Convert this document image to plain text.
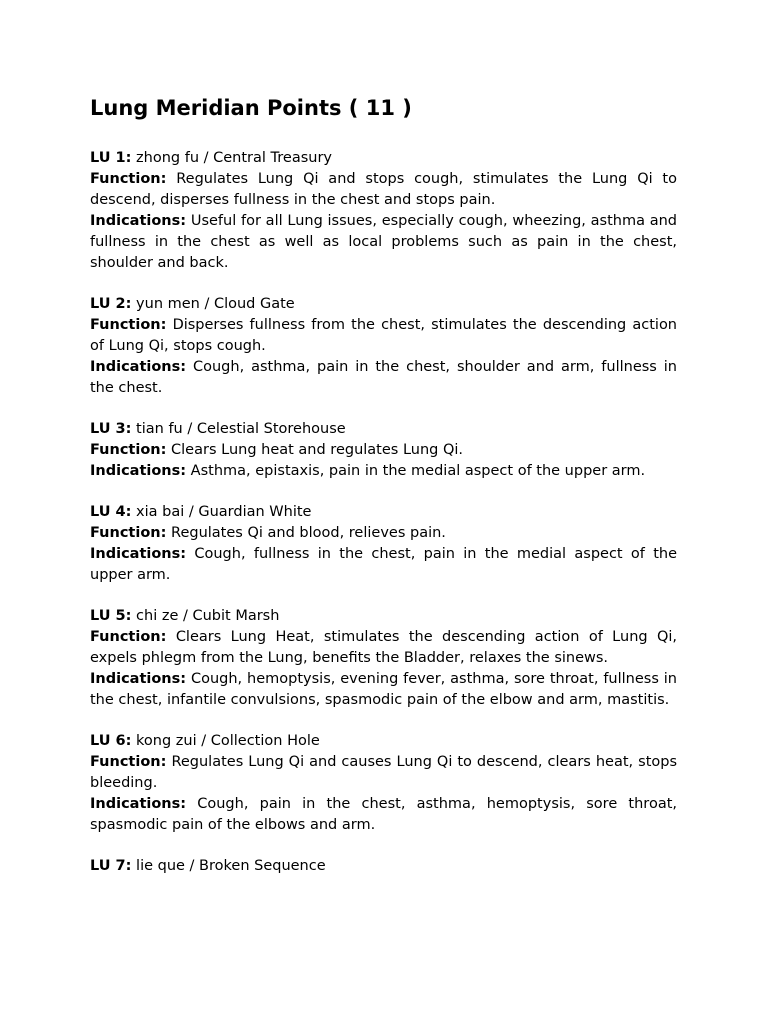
Lung Meridian Points ( 11 )

LU 1: zhong fu / Central Treasury

Function: Regulates Lung Qi and stops cough, stimulates the Lung Qi to descend, disperses fullness in the chest and stops pain.

Indications: Useful for all Lung issues, especially cough, wheezing, asthma and fullness in the chest as well as local problems such as pain in the chest, shoulder and back.

LU 2: yun men / Cloud Gate

Function: Disperses fullness from the chest, stimulates the descending action of Lung Qi, stops cough.

Indications: Cough, asthma, pain in the chest, shoulder and arm, fullness in the chest.

LU 3: tian fu / Celestial Storehouse

Function: Clears Lung heat and regulates Lung Qi.

Indications: Asthma, epistaxis, pain in the medial aspect of the upper arm.

LU 4: xia bai / Guardian White

Function: Regulates Qi and blood, relieves pain.

Indications: Cough, fullness in the chest, pain in the medial aspect of the upper arm.

LU 5: chi ze / Cubit Marsh

Function: Clears Lung Heat, stimulates the descending action of Lung Qi, expels phlegm from the Lung, benefits the Bladder, relaxes the sinews.

Indications: Cough, hemoptysis, evening fever, asthma, sore throat, fullness in the chest, infantile convulsions, spasmodic pain of the elbow and arm, mastitis.

LU 6: kong zui / Collection Hole

Function: Regulates Lung Qi and causes Lung Qi to descend, clears heat, stops bleeding.

Indications: Cough, pain in the chest, asthma, hemoptysis, sore throat, spasmodic pain of the elbows and arm.

LU 7: lie que / Broken Sequence
